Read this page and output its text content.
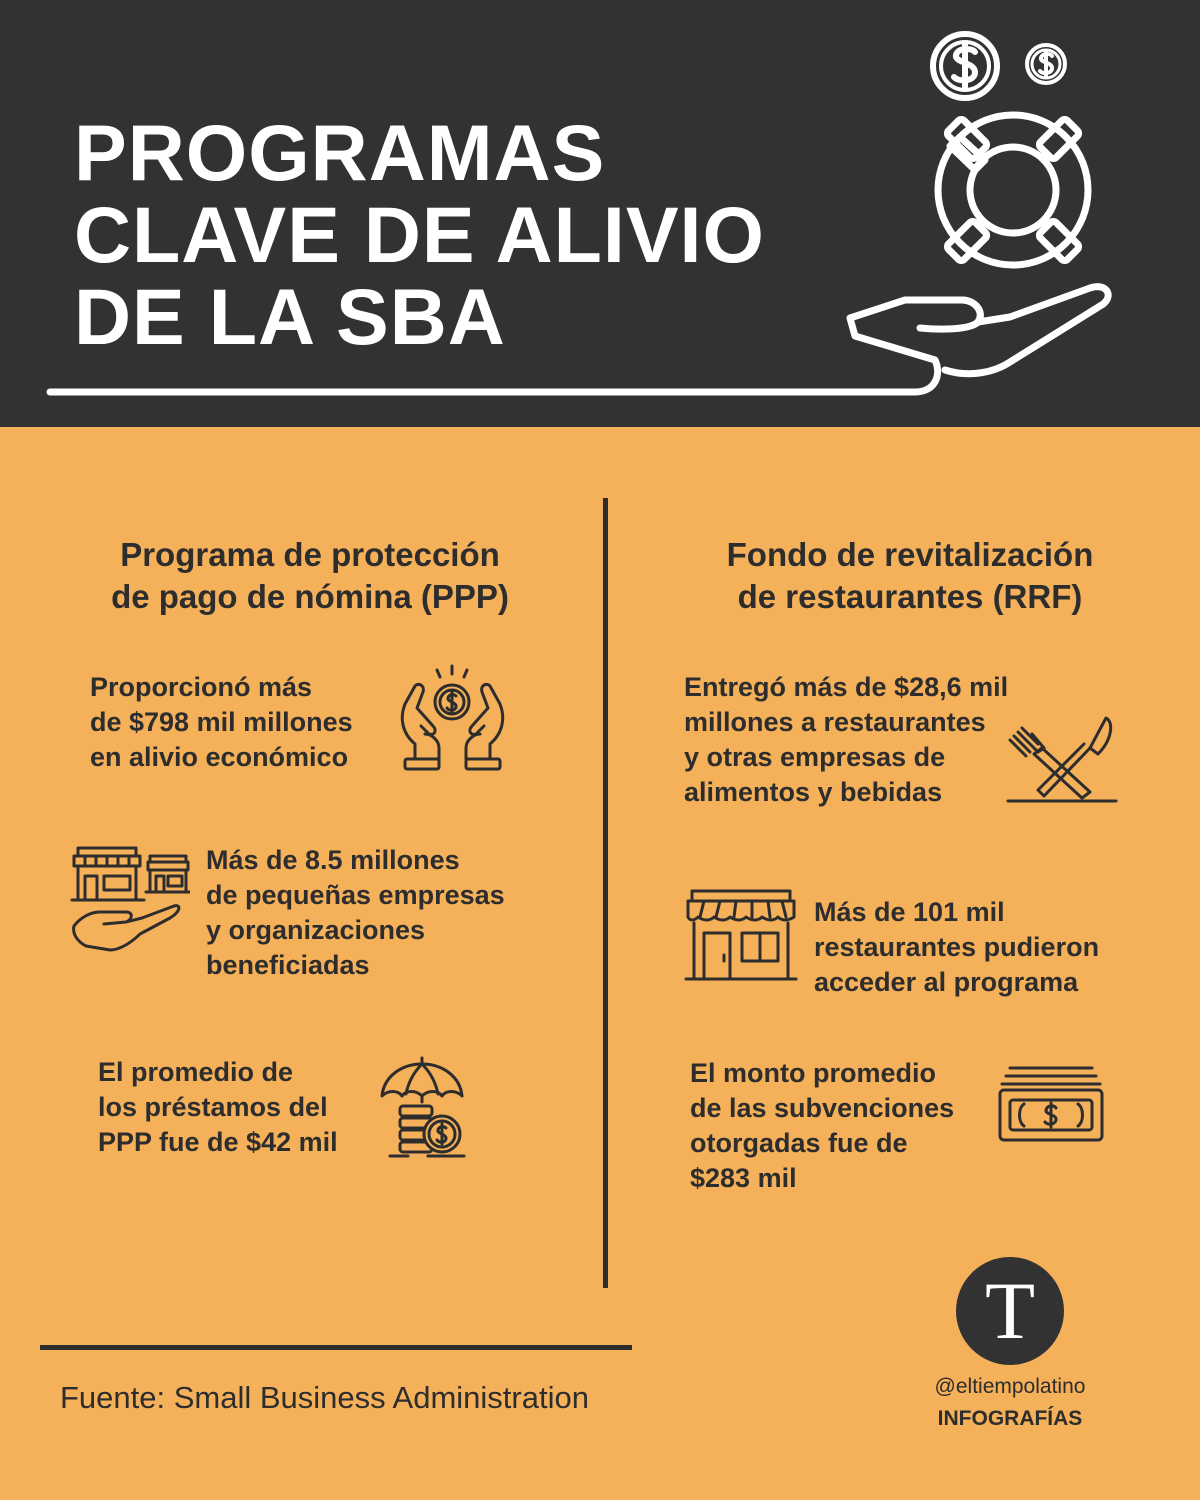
PROGRAMAS
CLAVE DE ALIVIO
DE LA SBA
Programa de protección
de pago de nómina (PPP)

Proporcionó más
de $798 mil millones
en alivio económico

Más de 8.5 millones
de pequeñas empresas
y organizaciones
beneficiadas

El promedio de
los préstamos del
PPP fue de $42 mil

Fondo de revitalización
de restaurantes (RRF)

Entregó más de $28,6 mil
millones a restaurantes
y otras empresas de
alimentos y bebidas

Más de 101 mil
restaurantes pudieron
acceder al programa

El monto promedio
de las subvenciones
otorgadas fue de
$283 mil

Fuente: Small Business Administration

T

@eltiempolatino

INFOGRAFÍAS
